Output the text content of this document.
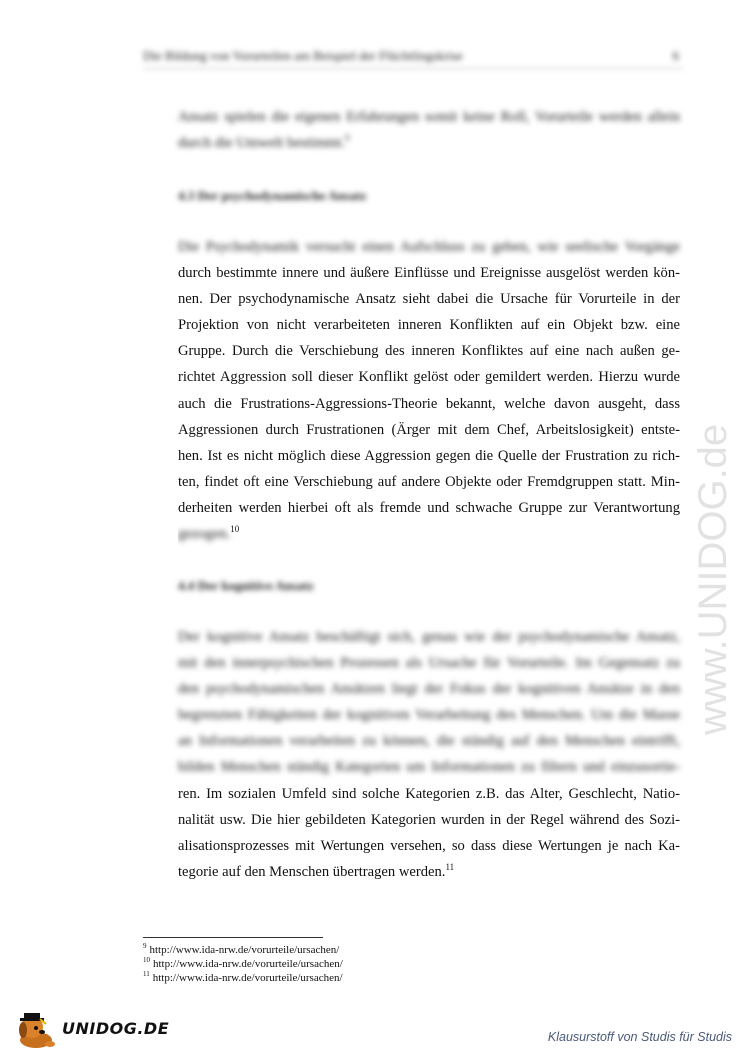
Die Bildung von Vorurteilen am Beispiel der Flüchtlingskrise	6
www.UNIDOG.de
Ansatz spielen die eigenen Erfahrungen somit keine Roll, Vorurteile werden allein
durch die Umwelt bestimmt.$^9$
4.3 Der psychodynamische Ansatz
Die Psychodynamik versucht einen Aufschluss zu geben, wie seelische Vorgänge
durch bestimmte innere und äußere Einflüsse und Ereignisse ausgelöst werden kön-
nen. Der psychodynamische Ansatz sieht dabei die Ursache für Vorurteile in der
Projektion von nicht verarbeiteten inneren Konflikten auf ein Objekt bzw. eine
Gruppe. Durch die Verschiebung des inneren Konfliktes auf eine nach außen ge-
richtet Aggression soll dieser Konflikt gelöst oder gemildert werden. Hierzu wurde
auch die Frustrations-Aggressions-Theorie bekannt, welche davon ausgeht, dass
Aggressionen durch Frustrationen (Ärger mit dem Chef, Arbeitslosigkeit) entste-
hen. Ist es nicht möglich diese Aggression gegen die Quelle der Frustration zu rich-
ten, findet oft eine Verschiebung auf andere Objekte oder Fremdgruppen statt. Min-
derheiten werden hierbei oft als fremde und schwache Gruppe zur Verantwortung
gezogen.$^{10}$
4.4 Der kognitive Ansatz
Der kognitive Ansatz beschäftigt sich, genau wie der psychodynamische Ansatz,
mit den innerpsychischen Prozessen als Ursache für Vorurteile. Im Gegensatz zu
den psychodynamischen Ansätzen liegt der Fokus der kognitiven Ansätze in den
begrenzten Fähigkeiten der kognitiven Verarbeitung des Menschen. Um die Masse
an Informationen verarbeiten zu können, die ständig auf den Menschen eintrifft,
bilden Menschen ständig Kategorien um Informationen zu filtern und einzusortie-
ren. Im sozialen Umfeld sind solche Kategorien z.B. das Alter, Geschlecht, Natio-
nalität usw. Die hier gebildeten Kategorien wurden in der Regel während des Sozi-
alisationsprozesses mit Wertungen versehen, so dass diese Wertungen je nach Ka-
tegorie auf den Menschen übertragen werden.$^{11}$
$^9$ http://www.ida-nrw.de/vorurteile/ursachen/
$^{10}$ http://www.ida-nrw.de/vorurteile/ursachen/
$^{11}$ http://www.ida-nrw.de/vorurteile/ursachen/
UNIDOG.DE	Klausurstoff von Studis für Studis
